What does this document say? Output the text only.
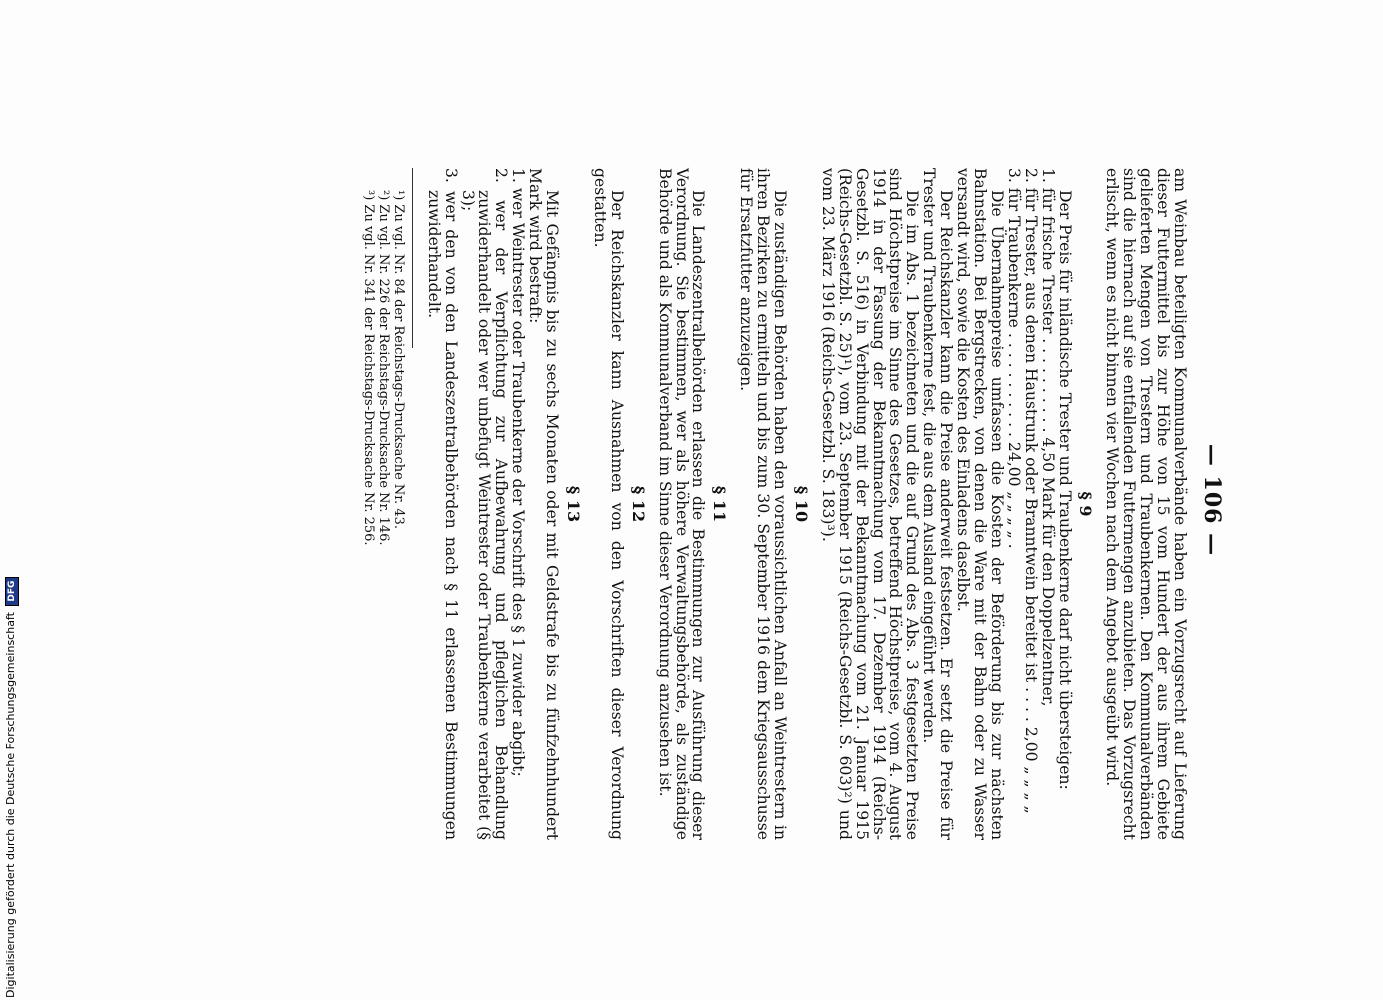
— 106 —

am Weinbau beteiligten Kommunalverbände haben ein Vorzugsrecht auf Lieferung dieser Futtermittel bis zur Höhe von 15 vom Hundert der aus ihrem Gebiete gelieferten Mengen von Trestern und Traubenkernen. Den Kommunalverbänden sind die hiernach auf sie entfallenden Futtermengen anzubieten. Das Vorzugsrecht erlischt, wenn es nicht binnen vier Wochen nach dem Angebot ausgeübt wird.

§ 9

Der Preis für inländische Trester und Traubenkerne darf nicht übersteigen:

1. für frische Trester . . . . . . . . . . 4,50 Mark für den Doppelzentner,
2. für Trester, aus denen Haustrunk oder Branntwein bereitet ist . . . . 2,00 „ „ „ „
3. für Traubenkerne . . . . . . . . . . . 24,00 „ „ „ „ .

Die Übernahmepreise umfassen die Kosten der Beförderung bis zur nächsten Bahnstation. Bei Bergstrecken, von denen die Ware mit der Bahn oder zu Wasser versandt wird, sowie die Kosten des Einladens daselbst.

Der Reichskanzler kann die Preise anderweit festsetzen. Er setzt die Preise für Trester und Traubenkerne fest, die aus dem Ausland eingeführt werden.

Die im Abs. 1 bezeichneten und die auf Grund des Abs. 3 festgesetzten Preise sind Höchstpreise im Sinne des Gesetzes, betreffend Höchstpreise, vom 4. August 1914 in der Fassung der Bekanntmachung vom 17. Dezember 1914 (Reichs-Gesetzbl. S. 516) in Verbindung mit der Bekanntmachung vom 21. Januar 1915 (Reichs-Gesetzbl. S. 25)¹), vom 23. September 1915 (Reichs-Gesetzbl. S. 603)²) und vom 23. März 1916 (Reichs-Gesetzbl. S. 183)³).

§ 10

Die zuständigen Behörden haben den voraussichtlichen Anfall an Weintrestern in ihren Bezirken zu ermitteln und bis zum 30. September 1916 dem Kriegsausschusse für Ersatzfutter anzuzeigen.

§ 11

Die Landeszentralbehörden erlassen die Bestimmungen zur Ausführung dieser Verordnung. Sie bestimmen, wer als höhere Verwaltungsbehörde, als zuständige Behörde und als Kommunalverband im Sinne dieser Verordnung anzusehen ist.

§ 12

Der Reichskanzler kann Ausnahmen von den Vorschriften dieser Verordnung gestatten.

§ 13

Mit Gefängnis bis zu sechs Monaten oder mit Geldstrafe bis zu fünfzehnhundert Mark wird bestraft:

1. wer Weintrester oder Traubenkerne der Vorschrift des § 1 zuwider abgibt;
2. wer der Verpflichtung zur Aufbewahrung und pfleglichen Behandlung zuwiderhandelt oder wer unbefugt Weintrester oder Traubenkerne verarbeitet (§ 3);
3. wer den von den Landeszentralbehörden nach § 11 erlassenen Bestimmungen zuwiderhandelt.

¹) Zu vgl. Nr. 84 der Reichstags-Drucksache Nr. 43.

²) Zu vgl. Nr. 226 der Reichstags-Drucksache Nr. 146.

³) Zu vgl. Nr. 341 der Reichstags-Drucksache Nr. 256.

Digitalisierung gefördert durch die Deutsche Forschungsgemeinschaft DFG
